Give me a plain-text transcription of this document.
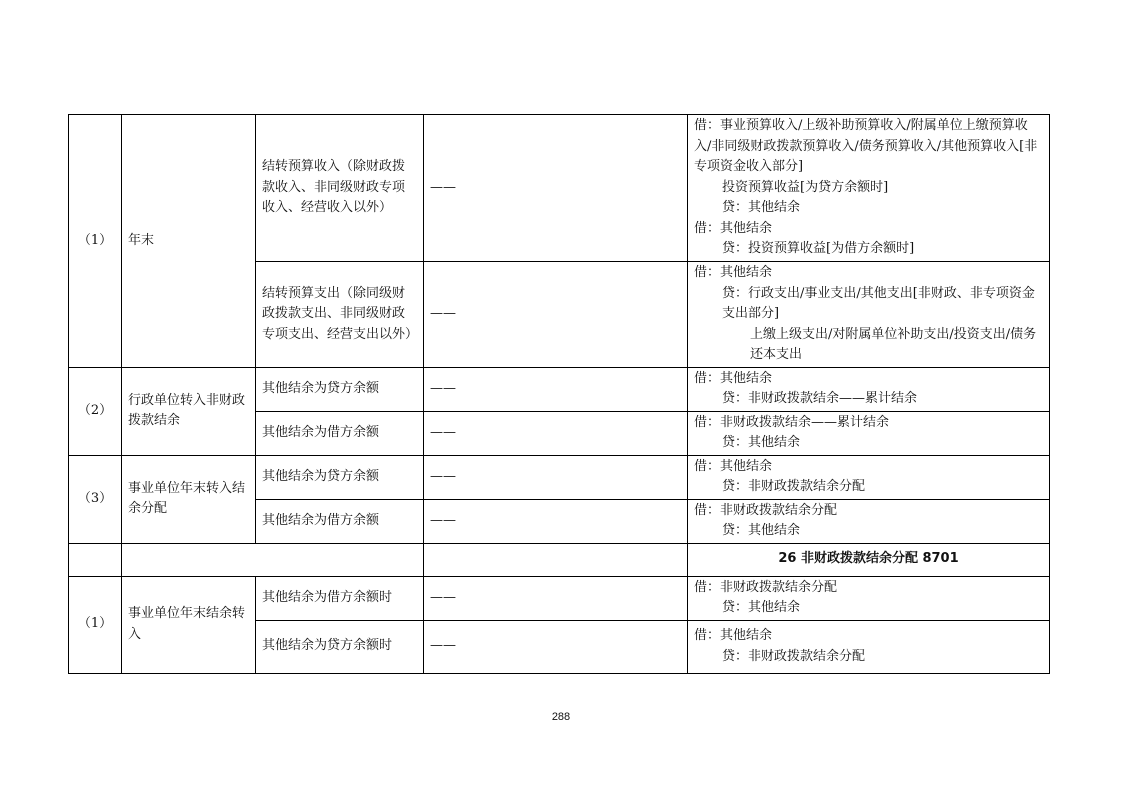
（1）	年末	结转预算收入（除财政拨款收入、非同级财政专项收入、经营收入以外）	——	借：事业预算收入/上级补助预算收入/附属单位上缴预算收入/非同级财政拨款预算收入/债务预算收入/其他预算收入[非专项资金收入部分]
投资预算收益[为贷方余额时]
贷：其他结余
借：其他结余
贷：投资预算收益[为借方余额时]

		结转预算支出（除同级财政拨款支出、非同级财政专项支出、经营支出以外）	——	借：其他结余
贷：行政支出/事业支出/其他支出[非财政、非专项资金支出部分]
上缴上级支出/对附属单位补助支出/投资支出/债务还本支出

（2）	行政单位转入非财政拨款结余	其他结余为贷方余额	——	借：其他结余
贷：非财政拨款结余——累计结余

		其他结余为借方余额	——	借：非财政拨款结余——累计结余
贷：其他结余

（3）	事业单位年末转入结余分配	其他结余为贷方余额	——	借：其他结余
贷：非财政拨款结余分配

		其他结余为借方余额	——	借：非财政拨款结余分配
贷：其他结余

				26 非财政拨款结余分配 8701
（1）	事业单位年末结余转入	其他结余为借方余额时	——	借：非财政拨款结余分配
贷：其他结余

		其他结余为贷方余额时	——	借：其他结余
贷：非财政拨款结余分配
288
